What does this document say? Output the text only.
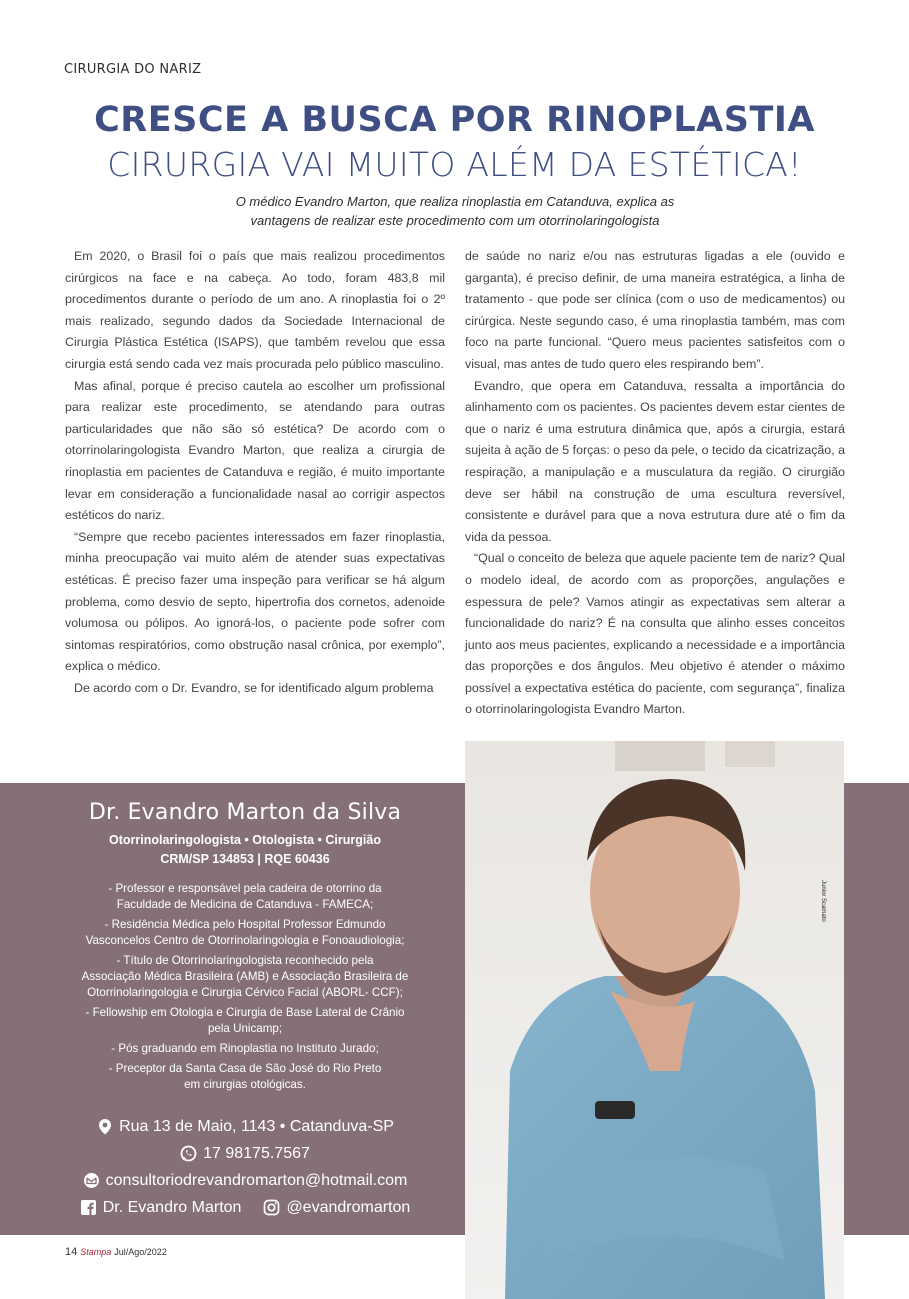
CIRURGIA DO NARIZ
CRESCE A BUSCA POR RINOPLASTIA
CIRURGIA VAI MUITO ALÉM DA ESTÉTICA!
O médico Evandro Marton, que realiza rinoplastia em Catanduva, explica as
vantagens de realizar este procedimento com um otorrinolaringologista

Em 2020, o Brasil foi o país que mais realizou procedimentos cirúrgicos na face e na cabeça. Ao todo, foram 483,8 mil procedimentos durante o período de um ano. A rinoplastia foi o 2º mais realizado, segundo dados da Sociedade Internacional de Cirurgia Plástica Estética (ISAPS), que também revelou que essa cirurgia está sendo cada vez mais procurada pelo público masculino.

Mas afinal, porque é preciso cautela ao escolher um profissional para realizar este procedimento, se atendando para outras particularidades que não são só estética? De acordo com o otorrinolaringologista Evandro Marton, que realiza a cirurgia de rinoplastia em pacientes de Catanduva e região, é muito importante levar em consideração a funcionalidade nasal ao corrigir aspectos estéticos do nariz.

“Sempre que recebo pacientes interessados em fazer rinoplastia, minha preocupação vai muito além de atender suas expectativas estéticas. É preciso fazer uma inspeção para verificar se há algum problema, como desvio de septo, hipertrofia dos cornetos, adenoide volumosa ou pólipos. Ao ignorá-los, o paciente pode sofrer com sintomas respiratórios, como obstrução nasal crônica, por exemplo”, explica o médico.

De acordo com o Dr. Evandro, se for identificado algum problema

de saúde no nariz e/ou nas estruturas ligadas a ele (ouvido e garganta), é preciso definir, de uma maneira estratégica, a linha de tratamento - que pode ser clínica (com o uso de medicamentos) ou cirúrgica. Neste segundo caso, é uma rinoplastia também, mas com foco na parte funcional. “Quero meus pacientes satisfeitos com o visual, mas antes de tudo quero eles respirando bem”.

Evandro, que opera em Catanduva, ressalta a importância do alinhamento com os pacientes. Os pacientes devem estar cientes de que o nariz é uma estrutura dinâmica que, após a cirurgia, estará sujeita à ação de 5 forças: o peso da pele, o tecido da cicatrização, a respiração, a manipulação e a musculatura da região. O cirurgião deve ser hábil na construção de uma escultura reversível, consistente e durável para que a nova estrutura dure até o fim da vida da pessoa.

“Qual o conceito de beleza que aquele paciente tem de nariz? Qual o modelo ideal, de acordo com as proporções, angulações e espessura de pele? Vamos atingir as expectativas sem alterar a funcionalidade do nariz? É na consulta que alinho esses conceitos junto aos meus pacientes, explicando a necessidade e a importância das proporções e dos ângulos. Meu objetivo é atender o máximo possível a expectativa estética do paciente, com segurança”, finaliza o otorrinolaringologista Evandro Marton.

Junior Scamato
Dr. Evandro Marton da Silva
Otorrinolaringologista • Otologista • Cirurgião
CRM/SP 134853 | RQE 60436

- Professor e responsável pela cadeira de otorrino da
Faculdade de Medicina de Catanduva - FAMECA;

- Residência Médica pelo Hospital Professor Edmundo
Vasconcelos Centro de Otorrinolaringologia e Fonoaudiologia;

- Título de Otorrinolaringologista reconhecido pela
Associação Médica Brasileira (AMB) e Associação Brasileira de
Otorrinolaringologia e Cirurgia Cérvico Facial (ABORL- CCF);

- Fellowship em Otologia e Cirurgia de Base Lateral de Crânio
pela Unicamp;

- Pós graduando em Rinoplastia no Instituto Jurado;

- Preceptor da Santa Casa de São José do Rio Preto
em cirurgias otológicas.

Rua 13 de Maio, 1143 • Catanduva-SP
17 98175.7567
consultoriodrevandromarton@hotmail.com
Dr. Evandro Marton	@evandromarton
14 Stampa Jul/Ago/2022
